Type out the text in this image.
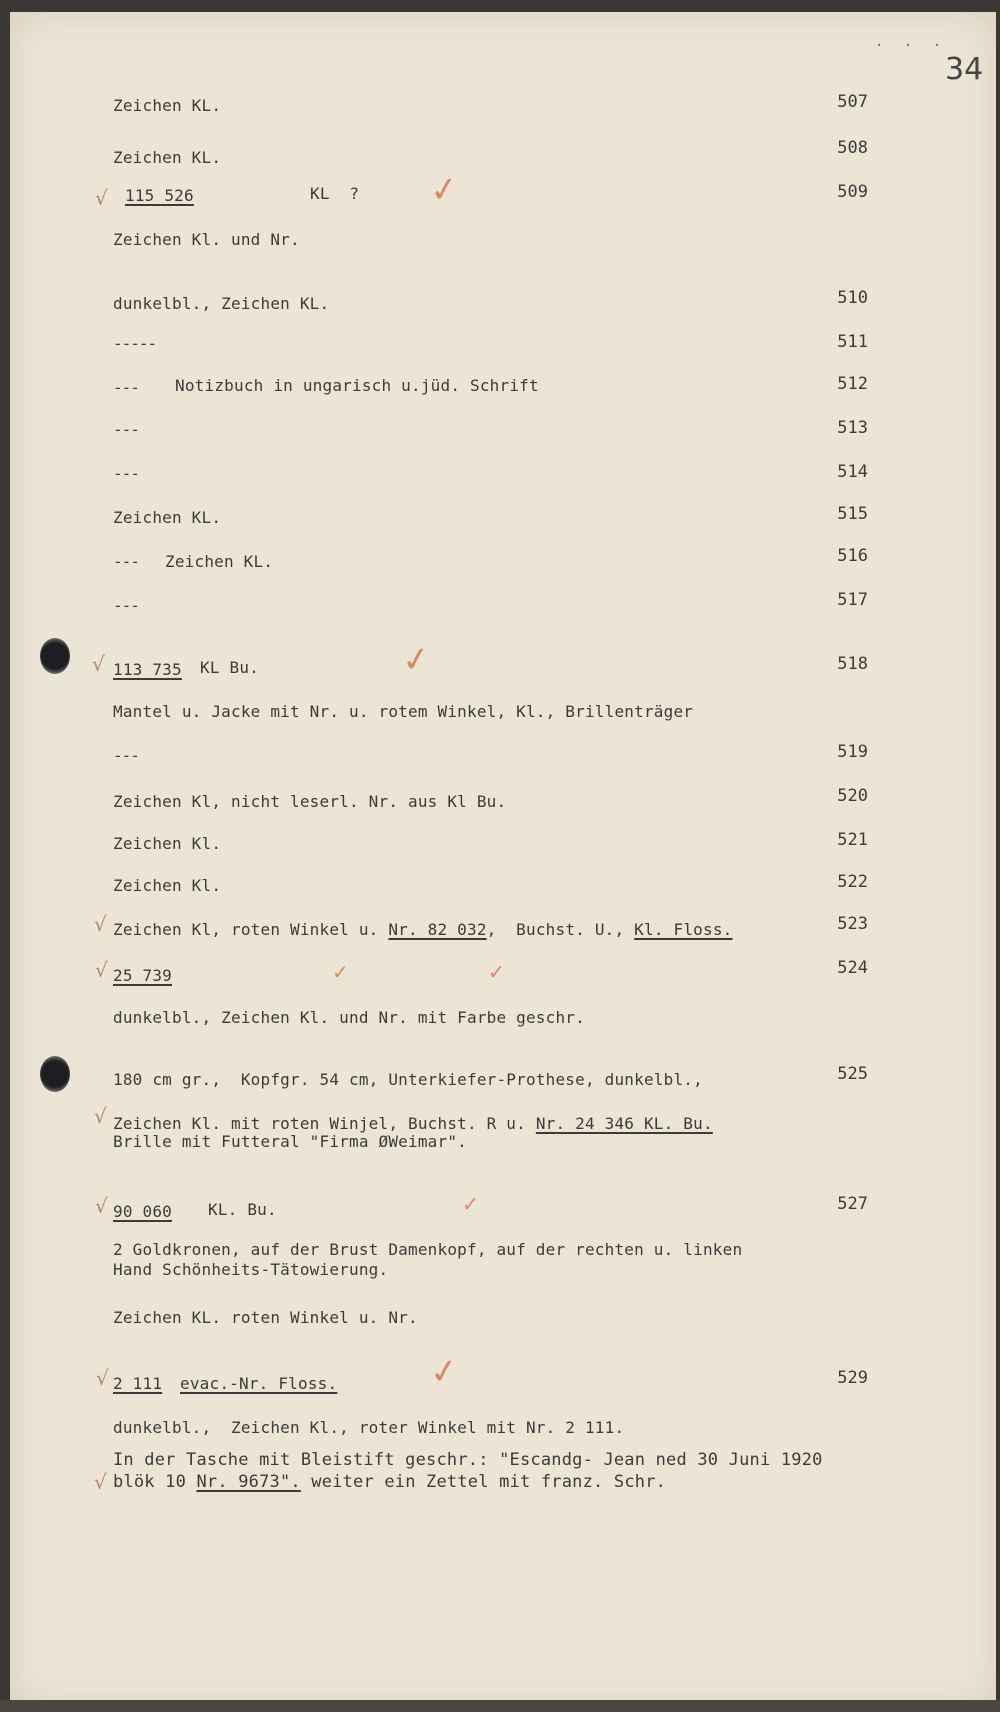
. . .
34
Zeichen KL.	507
Zeichen KL.	508
√ 115 526	KL  ? ✓	509
Zeichen Kl. und Nr.
dunkelbl., Zeichen KL.	510
-----	511
--- Notizbuch in ungarisch u.jüd. Schrift	512
---	513
---	514
Zeichen KL.	515
--- Zeichen KL.	516
---	517
√ 113 735 KL Bu.	✓	518
Mantel u. Jacke mit Nr. u. rotem Winkel, Kl., Brillenträger
---	519
Zeichen Kl, nicht leserl. Nr. aus Kl Bu.	520
Zeichen Kl.	521
Zeichen Kl.	522
√ Zeichen Kl, roten Winkel u. Nr. 82 032,  Buchst. U., Kl. Floss.	523
√ 25 739	✓	✓	524
dunkelbl., Zeichen Kl. und Nr. mit Farbe geschr.
180 cm gr.,  Kopfgr. 54 cm, Unterkiefer-Prothese, dunkelbl.,	525
√ Zeichen Kl. mit roten Winjel, Buchst. R u. Nr. 24 346 KL. Bu.
Brille mit Futteral "Firma ØWeimar".
√ 90 060 KL. Bu.	✓	527
2 Goldkronen, auf der Brust Damenkopf, auf der rechten u. linken
Hand Schönheits-Tätowierung.
Zeichen KL. roten Winkel u. Nr.
√ 2 111 evac.-Nr. Floss.	✓	529
dunkelbl.,  Zeichen Kl., roter Winkel mit Nr. 2 111.
In der Tasche mit Bleistift geschr.: "Escandg- Jean ned 30 Juni 1920
√ blök 10 Nr. 9673". weiter ein Zettel mit franz. Schr.
